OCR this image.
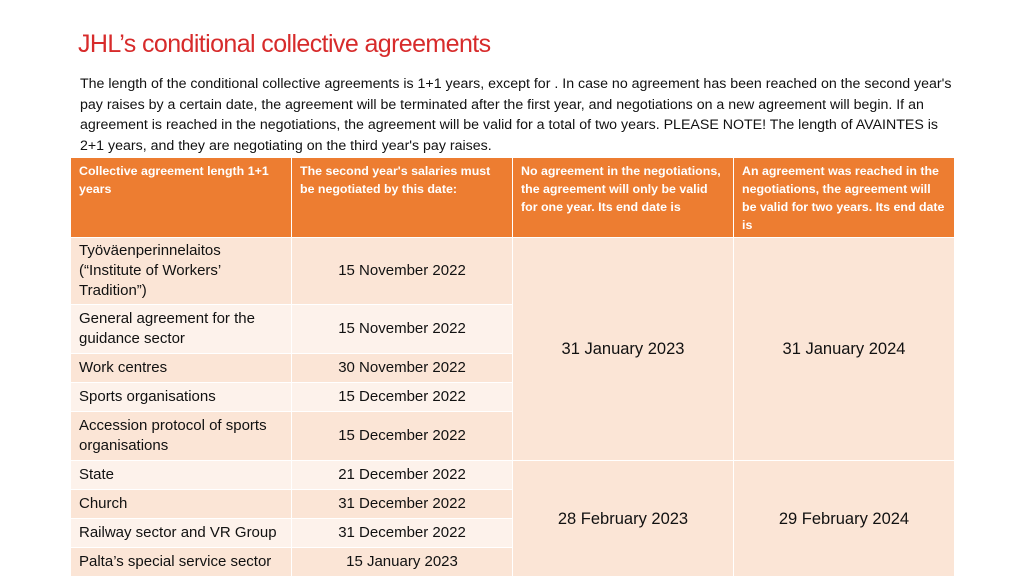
JHL’s conditional collective agreements
The length of the conditional collective agreements is 1+1 years, except for . In case no agreement has been reached on the second year's pay raises by a certain date, the agreement will be terminated after the first year, and negotiations on a new agreement will begin. If an agreement is reached in the negotiations, the agreement will be valid for a total of two years. PLEASE NOTE! The length of AVAINTES is 2+1 years, and they are negotiating on the third year's pay raises.
Collective agreement length 1+1 years	The second year's salaries must be negotiated by this date:	No agreement in the negotiations, the agreement will only be valid for one year. Its end date is	An agreement was reached in the negotiations, the agreement will be valid for two years. Its end date is
Työväenperinnelaitos (“Institute of Workers’ Tradition”)	15 November 2022	31 January 2023	31 January 2024
General agreement for the guidance sector	15 November 2022		
Work centres	30 November 2022		
Sports organisations	15 December 2022		
Accession protocol of sports organisations	15 December 2022		
State	21 December 2022	28 February 2023	29 February 2024
Church	31 December 2022		
Railway sector and VR Group	31 December 2022		
Palta’s special service sector	15 January 2023		
